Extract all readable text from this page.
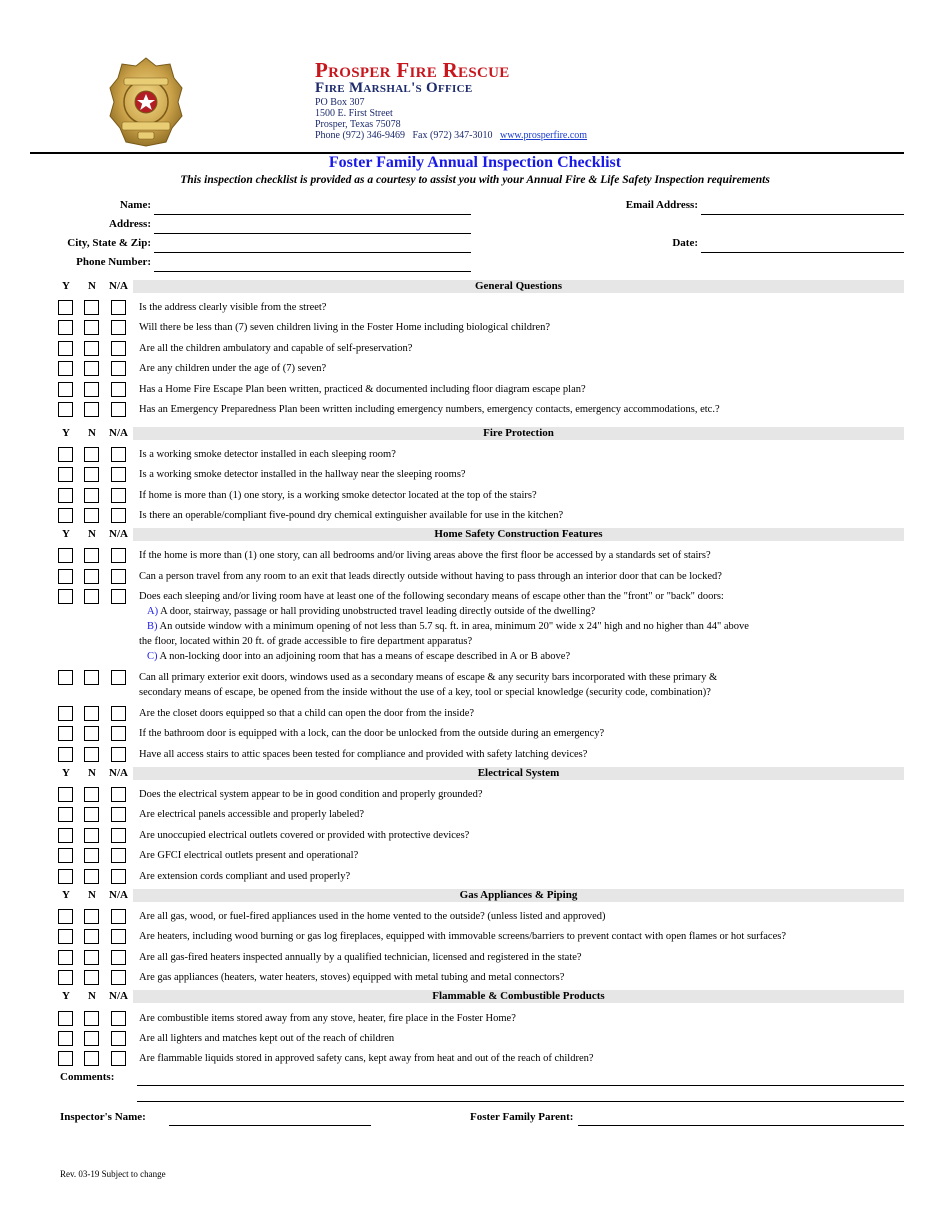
Prosper Fire Rescue
Fire Marshal's Office
PO Box 307
1500 E. First Street
Prosper, Texas 75078
Phone (972) 346-9469   Fax (972) 347-3010 www.prosperfire.com
Foster Family Annual Inspection Checklist
This inspection checklist is provided as a courtesy to assist you with your Annual Fire & Life Safety Inspection requirements
Name:
Address:
City, State & Zip:
Phone Number:
Email Address:
Date:
Y N N/A	General Questions
Is the address clearly visible from the street?
Will there be less than (7) seven children living in the Foster Home including biological children?
Are all the children ambulatory and capable of self-preservation?
Are any children under the age of (7) seven?
Has a Home Fire Escape Plan been written, practiced & documented including floor diagram escape plan?
Has an Emergency Preparedness Plan been written including emergency numbers, emergency contacts, emergency accommodations, etc.?
Y N N/A	Fire Protection
Is a working smoke detector installed in each sleeping room?
Is a working smoke detector installed in the hallway near the sleeping rooms?
If home is more than (1) one story, is a working smoke detector located at the top of the stairs?
Is there an operable/compliant five-pound dry chemical extinguisher available for use in the kitchen?
Y N N/A	Home Safety Construction Features
If the home is more than (1) one story, can all bedrooms and/or living areas above the first floor be accessed by a standards set of stairs?
Can a person travel from any room to an exit that leads directly outside without having to pass through an interior door that can be locked?
Does each sleeping and/or living room have at least one of the following secondary means of escape other than the "front" or "back" doors:
A) A door, stairway, passage or hall providing unobstructed travel leading directly outside of the dwelling?
B) An outside window with a minimum opening of not less than 5.7 sq. ft. in area, minimum 20" wide x 24" high and no higher than 44" above
the floor, located within 20 ft. of grade accessible to fire department apparatus?
C) A non-locking door into an adjoining room that has a means of escape described in A or B above?
Can all primary exterior exit doors, windows used as a secondary means of escape & any security bars incorporated with these primary &
secondary means of escape, be opened from the inside without the use of a key, tool or special knowledge (security code, combination)?
Are the closet doors equipped so that a child can open the door from the inside?
If the bathroom door is equipped with a lock, can the door be unlocked from the outside during an emergency?
Have all access stairs to attic spaces been tested for compliance and provided with safety latching devices?
Y N N/A	Electrical System
Does the electrical system appear to be in good condition and properly grounded?
Are electrical panels accessible and properly labeled?
Are unoccupied electrical outlets covered or provided with protective devices?
Are GFCI electrical outlets present and operational?
Are extension cords compliant and used properly?
Y N N/A	Gas Appliances & Piping
Are all gas, wood, or fuel-fired appliances used in the home vented to the outside? (unless listed and approved)
Are heaters, including wood burning or gas log fireplaces, equipped with immovable screens/barriers to prevent contact with open flames or hot surfaces?
Are all gas-fired heaters inspected annually by a qualified technician, licensed and registered in the state?
Are gas appliances (heaters, water heaters, stoves) equipped with metal tubing and metal connectors?
Y N N/A	Flammable & Combustible Products
Are combustible items stored away from any stove, heater, fire place in the Foster Home?
Are all lighters and matches kept out of the reach of children
Are flammable liquids stored in approved safety cans, kept away from heat and out of the reach of children?
Comments:
Inspector's Name:	Foster Family Parent:
Rev. 03-19 Subject to change
